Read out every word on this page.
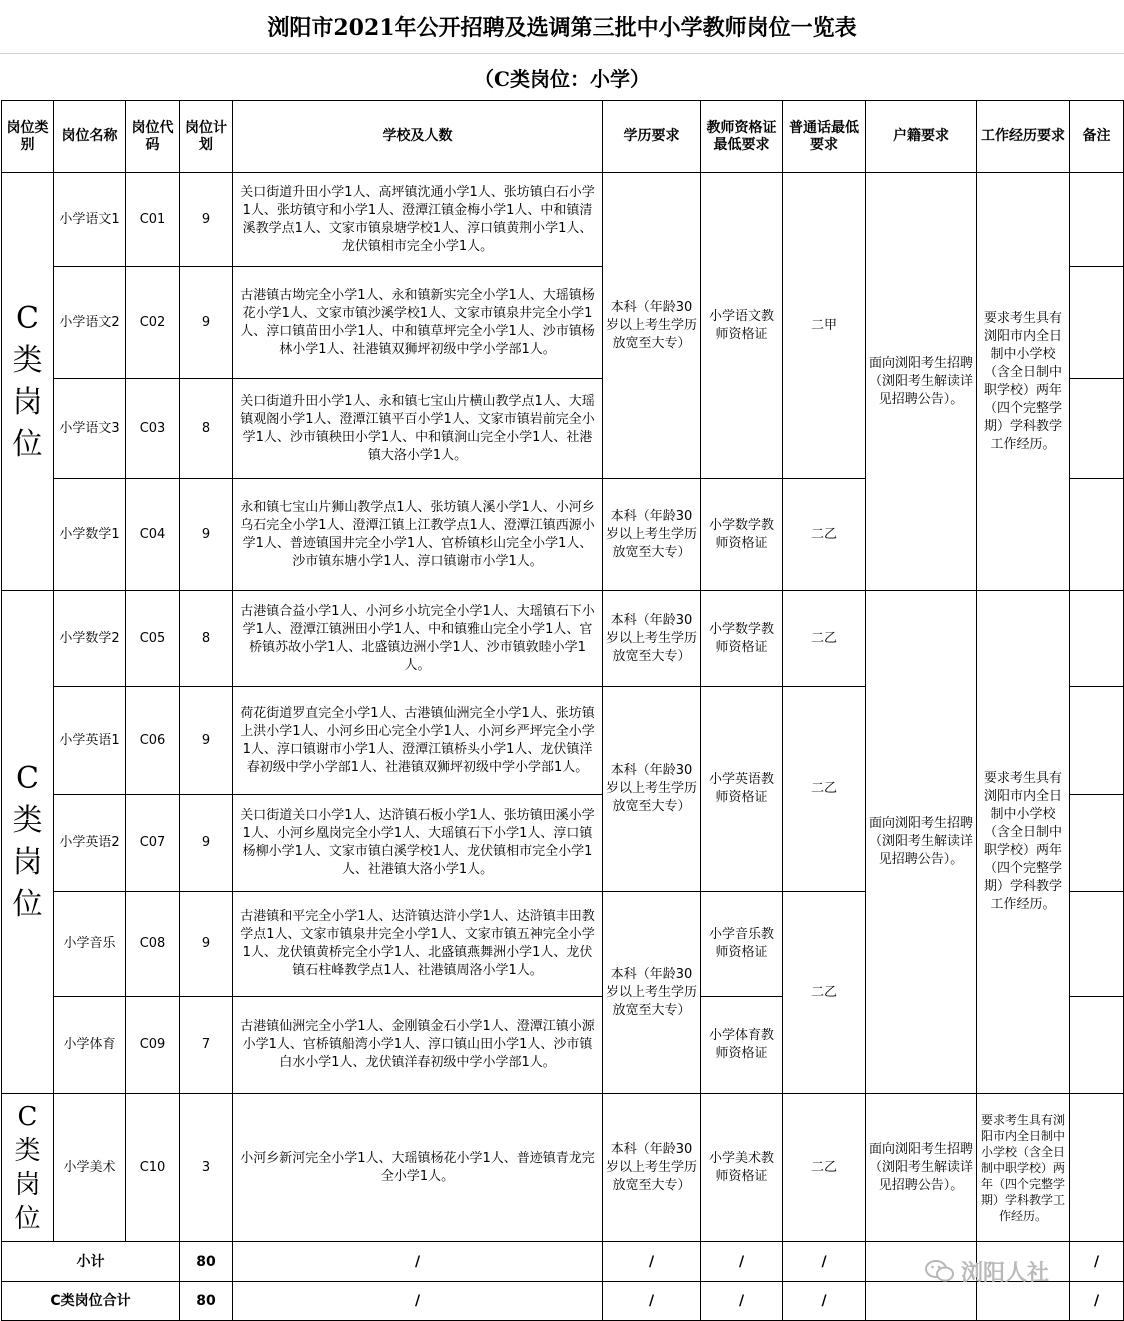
浏阳市2021年公开招聘及选调第三批中小学教师岗位一览表
（C类岗位：小学）
岗位类别	岗位名称	岗位代码	岗位计划	学校及人数	学历要求	教师资格证最低要求	普通话最低要求	户籍要求	工作经历要求	备注
C类岗位	小学语文1	C01	9	关口街道升田小学1人、高坪镇沈通小学1人、张坊镇白石小学1人、张坊镇守和小学1人、澄潭江镇金梅小学1人、中和镇清溪教学点1人、文家市镇泉塘学校1人、淳口镇黄荆小学1人、龙伏镇相市完全小学1人。	本科（年龄30岁以上考生学历放宽至大专）	小学语文教师资格证	二甲	面向浏阳考生招聘（浏阳考生解读详见招聘公告）。	要求考生具有浏阳市内全日制中小学校（含全日制中职学校）两年（四个完整学期）学科教学工作经历。	
	小学语文2	C02	9	古港镇古坳完全小学1人、永和镇新实完全小学1人、大瑶镇杨花小学1人、文家市镇沙溪学校1人、文家市镇泉井完全小学1人、淳口镇苗田小学1人、中和镇草坪完全小学1人、沙市镇杨林小学1人、社港镇双狮坪初级中学小学部1人。						
	小学语文3	C03	8	关口街道升田小学1人、永和镇七宝山片横山教学点1人、大瑶镇观阁小学1人、澄潭江镇平百小学1人、文家市镇岩前完全小学1人、沙市镇秧田小学1人、中和镇涧山完全小学1人、社港镇大洛小学1人。						
	小学数学1	C04	9	永和镇七宝山片狮山教学点1人、张坊镇人溪小学1人、小河乡乌石完全小学1人、澄潭江镇上江教学点1人、澄潭江镇西源小学1人、普迹镇国井完全小学1人、官桥镇杉山完全小学1人、沙市镇东塘小学1人、淳口镇谢市小学1人。	本科（年龄30岁以上考生学历放宽至大专）	小学数学教师资格证	二乙			
C类岗位	小学数学2	C05	8	古港镇合益小学1人、小河乡小坑完全小学1人、大瑶镇石下小学1人、澄潭江镇洲田小学1人、中和镇雅山完全小学1人、官桥镇苏故小学1人、北盛镇边洲小学1人、沙市镇敦睦小学1人。	本科（年龄30岁以上考生学历放宽至大专）	小学数学教师资格证	二乙	面向浏阳考生招聘（浏阳考生解读详见招聘公告）。	要求考生具有浏阳市内全日制中小学校（含全日制中职学校）两年（四个完整学期）学科教学工作经历。	
	小学英语1	C06	9	荷花街道罗直完全小学1人、古港镇仙洲完全小学1人、张坊镇上洪小学1人、小河乡田心完全小学1人、小河乡严坪完全小学1人、淳口镇谢市小学1人、澄潭江镇桥头小学1人、龙伏镇洋春初级中学小学部1人、社港镇双狮坪初级中学小学部1人。	本科（年龄30岁以上考生学历放宽至大专）	小学英语教师资格证	二乙			
	小学英语2	C07	9	关口街道关口小学1人、达浒镇石板小学1人、张坊镇田溪小学1人、小河乡凰岗完全小学1人、大瑶镇石下小学1人、淳口镇杨柳小学1人、文家市镇白溪学校1人、龙伏镇相市完全小学1人、社港镇大洛小学1人。						
	小学音乐	C08	9	古港镇和平完全小学1人、达浒镇达浒小学1人、达浒镇丰田教学点1人、文家市镇泉井完全小学1人、文家市镇五神完全小学1人、龙伏镇黄桥完全小学1人、北盛镇燕舞洲小学1人、龙伏镇石柱峰教学点1人、社港镇周洛小学1人。	本科（年龄30岁以上考生学历放宽至大专）	小学音乐教师资格证	二乙			
	小学体育	C09	7	古港镇仙洲完全小学1人、金刚镇金石小学1人、澄潭江镇小源小学1人、官桥镇船湾小学1人、淳口镇山田小学1人、沙市镇白水小学1人、龙伏镇洋春初级中学小学部1人。		小学体育教师资格证				
C类岗位	小学美术	C10	3	小河乡新河完全小学1人、大瑶镇杨花小学1人、普迹镇青龙完全小学1人。	本科（年龄30岁以上考生学历放宽至大专）	小学美术教师资格证	二乙	面向浏阳考生招聘（浏阳考生解读详见招聘公告）。	要求考生具有浏阳市内全日制中小学校（含全日制中职学校）两年（四个完整学期）学科教学工作经历。	
小计			80	/	/	/	/			/
C类岗位合计			80	/	/	/	/			/
浏阳人社
